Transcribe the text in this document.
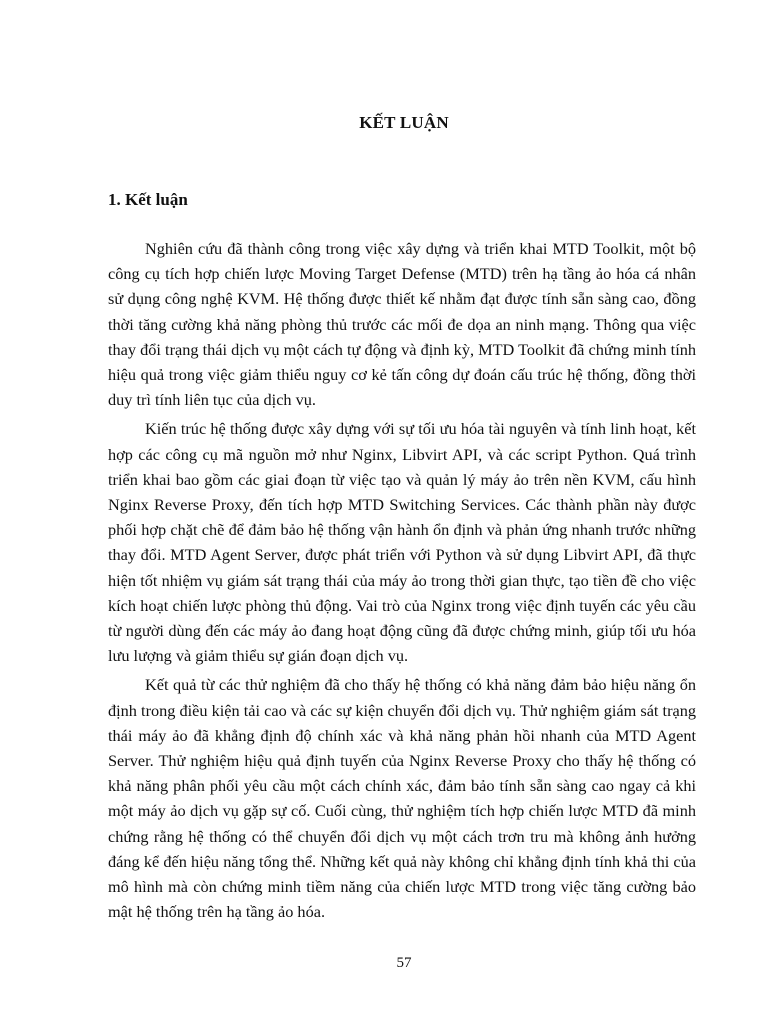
KẾT LUẬN
1. Kết luận

Nghiên cứu đã thành công trong việc xây dựng và triển khai MTD Toolkit, một bộ công cụ tích hợp chiến lược Moving Target Defense (MTD) trên hạ tầng ảo hóa cá nhân sử dụng công nghệ KVM. Hệ thống được thiết kế nhằm đạt được tính sẵn sàng cao, đồng thời tăng cường khả năng phòng thủ trước các mối đe dọa an ninh mạng. Thông qua việc thay đổi trạng thái dịch vụ một cách tự động và định kỳ, MTD Toolkit đã chứng minh tính hiệu quả trong việc giảm thiểu nguy cơ kẻ tấn công dự đoán cấu trúc hệ thống, đồng thời duy trì tính liên tục của dịch vụ.

Kiến trúc hệ thống được xây dựng với sự tối ưu hóa tài nguyên và tính linh hoạt, kết hợp các công cụ mã nguồn mở như Nginx, Libvirt API, và các script Python. Quá trình triển khai bao gồm các giai đoạn từ việc tạo và quản lý máy ảo trên nền KVM, cấu hình Nginx Reverse Proxy, đến tích hợp MTD Switching Services. Các thành phần này được phối hợp chặt chẽ để đảm bảo hệ thống vận hành ổn định và phản ứng nhanh trước những thay đổi. MTD Agent Server, được phát triển với Python và sử dụng Libvirt API, đã thực hiện tốt nhiệm vụ giám sát trạng thái của máy ảo trong thời gian thực, tạo tiền đề cho việc kích hoạt chiến lược phòng thủ động. Vai trò của Nginx trong việc định tuyến các yêu cầu từ người dùng đến các máy ảo đang hoạt động cũng đã được chứng minh, giúp tối ưu hóa lưu lượng và giảm thiểu sự gián đoạn dịch vụ.

Kết quả từ các thử nghiệm đã cho thấy hệ thống có khả năng đảm bảo hiệu năng ổn định trong điều kiện tải cao và các sự kiện chuyển đổi dịch vụ. Thử nghiệm giám sát trạng thái máy ảo đã khẳng định độ chính xác và khả năng phản hồi nhanh của MTD Agent Server. Thử nghiệm hiệu quả định tuyến của Nginx Reverse Proxy cho thấy hệ thống có khả năng phân phối yêu cầu một cách chính xác, đảm bảo tính sẵn sàng cao ngay cả khi một máy ảo dịch vụ gặp sự cố. Cuối cùng, thử nghiệm tích hợp chiến lược MTD đã minh chứng rằng hệ thống có thể chuyển đổi dịch vụ một cách trơn tru mà không ảnh hưởng đáng kể đến hiệu năng tổng thể. Những kết quả này không chỉ khẳng định tính khả thi của mô hình mà còn chứng minh tiềm năng của chiến lược MTD trong việc tăng cường bảo mật hệ thống trên hạ tầng ảo hóa.

57
